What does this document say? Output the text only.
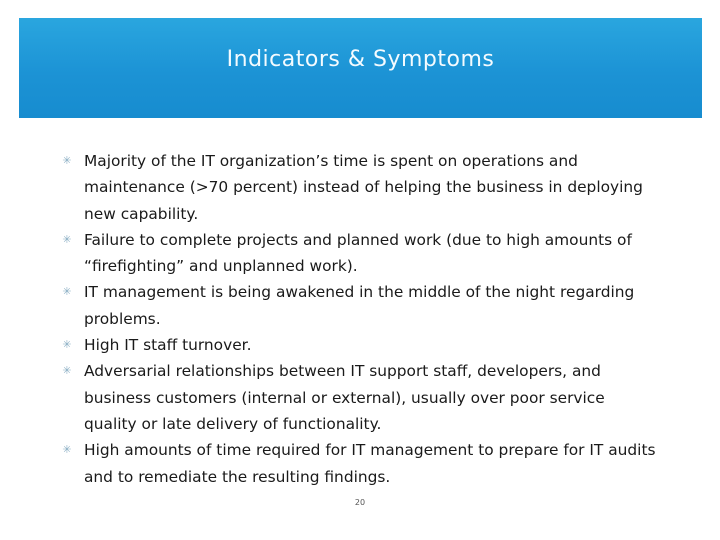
Indicators & Symptoms
✳ Majority of the IT organization’s time is spent on operations and maintenance (>70 percent) instead of helping the business in deploying new capability.
✳ Failure to complete projects and planned work (due to high amounts of “firefighting” and unplanned work).
✳ IT management is being awakened in the middle of the night regarding problems.
✳ High IT staff turnover.
✳ Adversarial relationships between IT support staff, developers, and business customers (internal or external), usually over poor service quality or late delivery of functionality.
✳ High amounts of time required for IT management to prepare for IT audits and to remediate the resulting findings.
20
